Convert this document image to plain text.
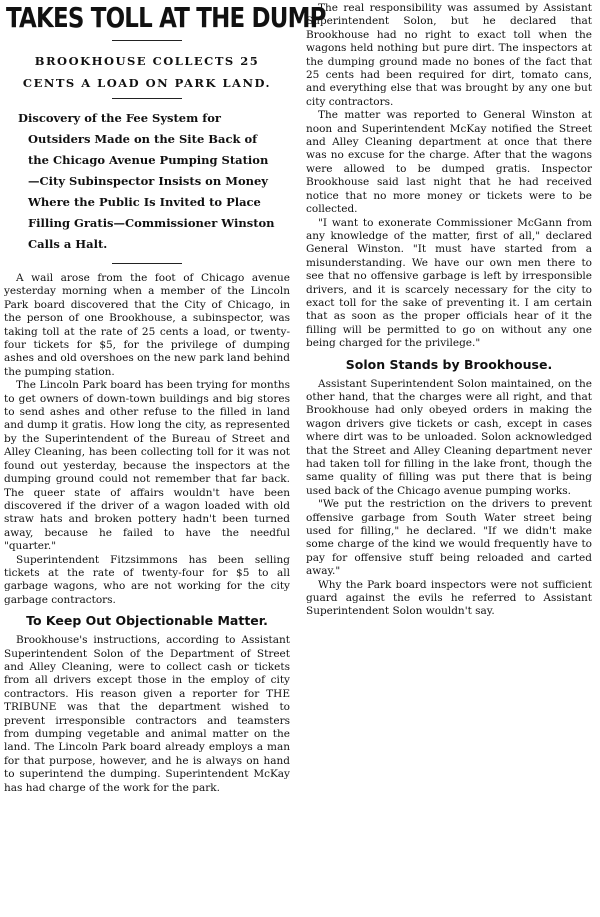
TAKES TOLL AT THE DUMP
BROOKHOUSE COLLECTS 25 CENTS A LOAD ON PARK LAND.
Discovery of the Fee System for Outsiders Made on the Site Back of the Chicago Avenue Pumping Station—City Subinspector Insists on Money Where the Public Is Invited to Place Filling Gratis—Commissioner Winston Calls a Halt.

A wail arose from the foot of Chicago avenue yesterday morning when a member of the Lincoln Park board discovered that the City of Chicago, in the person of one Brookhouse, a subinspector, was taking toll at the rate of 25 cents a load, or twenty-four tickets for $5, for the privilege of dumping ashes and old overshoes on the new park land behind the pumping station.

The Lincoln Park board has been trying for months to get owners of down-town buildings and big stores to send ashes and other refuse to the filled in land and dump it gratis. How long the city, as represented by the Superintendent of the Bureau of Street and Alley Cleaning, has been collecting toll for it was not found out yesterday, because the inspectors at the dumping ground could not remember that far back. The queer state of affairs wouldn't have been discovered if the driver of a wagon loaded with old straw hats and broken pottery hadn't been turned away, because he failed to have the needful "quarter."

Superintendent Fitzsimmons has been selling tickets at the rate of twenty-four for $5 to all garbage wagons, who are not working for the city garbage contractors.

To Keep Out Objectionable Matter.

Brookhouse's instructions, according to Assistant Superintendent Solon of the Department of Street and Alley Cleaning, were to collect cash or tickets from all drivers except those in the employ of city contractors. His reason given a reporter for THE TRIBUNE was that the department wished to prevent irresponsible contractors and teamsters from dumping vegetable and animal matter on the land. The Lincoln Park board already employs a man for that purpose, however, and he is always on hand to superintend the dumping. Superintendent McKay has had charge of the work for the park.

The real responsibility was assumed by Assistant Superintendent Solon, but he declared that Brookhouse had no right to exact toll when the wagons held nothing but pure dirt. The inspectors at the dumping ground made no bones of the fact that 25 cents had been required for dirt, tomato cans, and everything else that was brought by any one but city contractors.

The matter was reported to General Winston at noon and Superintendent McKay notified the Street and Alley Cleaning department at once that there was no excuse for the charge. After that the wagons were allowed to be dumped gratis. Inspector Brookhouse said last night that he had received notice that no more money or tickets were to be collected.

"I want to exonerate Commissioner McGann from any knowledge of the matter, first of all," declared General Winston. "It must have started from a misunderstanding. We have our own men there to see that no offensive garbage is left by irresponsible drivers, and it is scarcely necessary for the city to exact toll for the sake of preventing it. I am certain that as soon as the proper officials hear of it the filling will be permitted to go on without any one being charged for the privilege."

Solon Stands by Brookhouse.

Assistant Superintendent Solon maintained, on the other hand, that the charges were all right, and that Brookhouse had only obeyed orders in making the wagon drivers give tickets or cash, except in cases where dirt was to be unloaded. Solon acknowledged that the Street and Alley Cleaning department never had taken toll for filling in the lake front, though the same quality of filling was put there that is being used back of the Chicago avenue pumping works.

"We put the restriction on the drivers to prevent offensive garbage from South Water street being used for filling," he declared. "If we didn't make some charge of the kind we would frequently have to pay for offensive stuff being reloaded and carted away."

Why the Park board inspectors were not sufficient guard against the evils he referred to Assistant Superintendent Solon wouldn't say.
